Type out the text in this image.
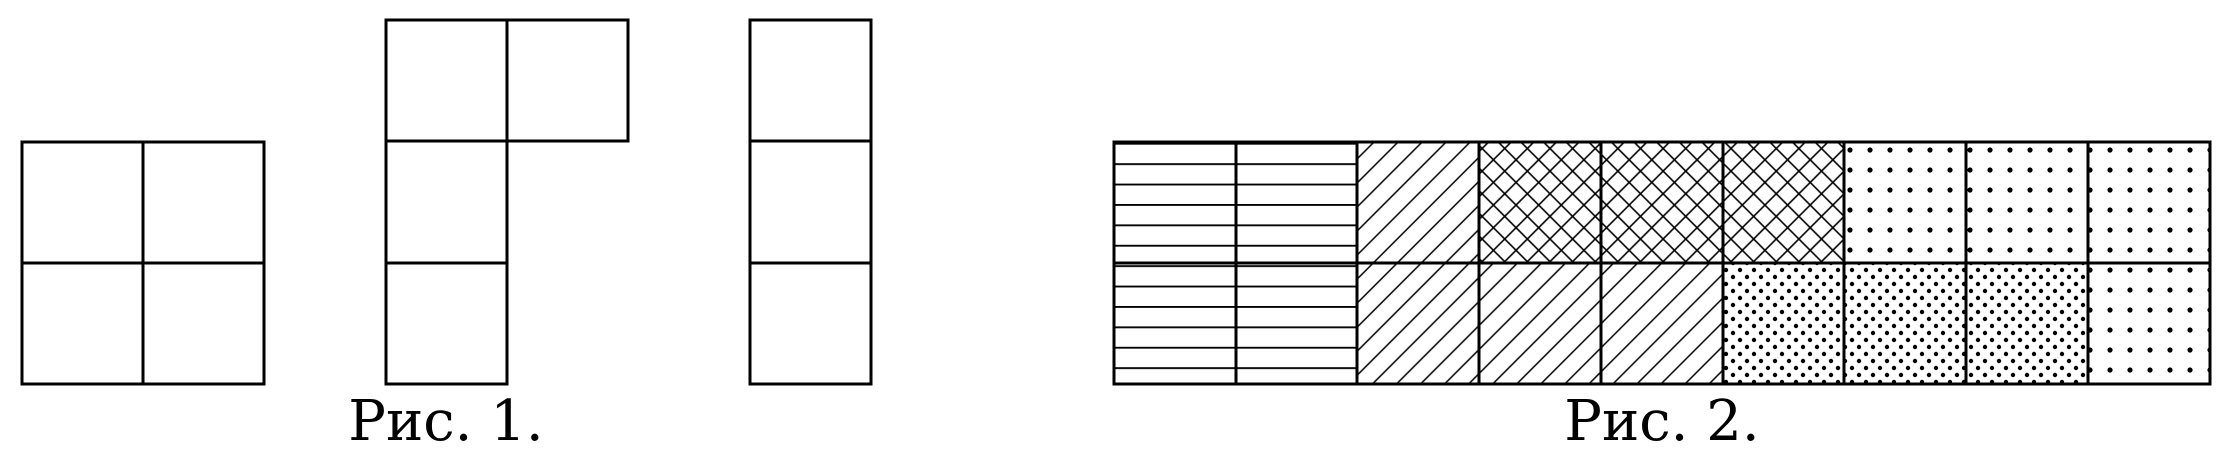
Рис. 1.	Рис. 2.
